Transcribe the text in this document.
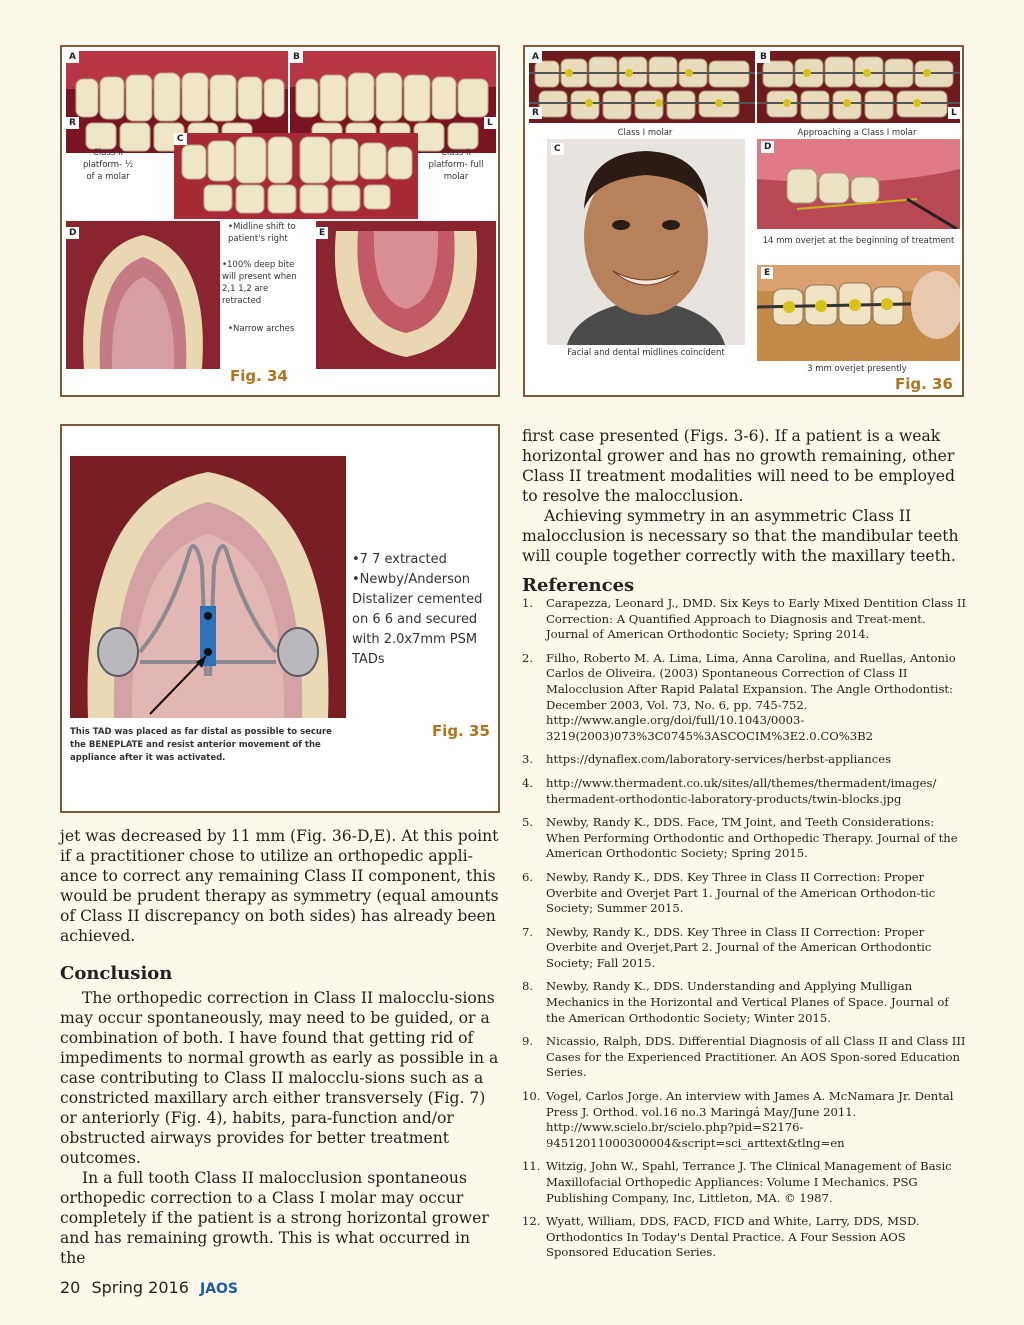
A	B
R	L
Class II platform- ½ of a molar
Class II platform- full molar
C
D
•Midline shift to patient's right
•100% deep bite will present when 2,1 1,2 are retracted
•Narrow arches
E
Fig. 34
A	B
R	L
Class I molar	Approaching a Class I molar
C	D
14 mm overjet at the beginning of treatment
E
Facial and dental midlines coincident
3 mm overjet presently
Fig. 36
•7 7 extracted
•Newby/Anderson Distalizer cemented on 6 6 and secured with 2.0x7mm PSM TADs
This TAD was placed as far distal as possible to secure the BENEPLATE and resist anterior movement of the appliance after it was activated.
Fig. 35

jet was decreased by 11 mm (Fig. 36-D,E). At this point if a practitioner chose to utilize an orthopedic appli-ance to correct any remaining Class II component, this would be prudent therapy as symmetry (equal amounts of Class II discrepancy on both sides) has already been achieved.

Conclusion

The orthopedic correction in Class II malocclu-sions may occur spontaneously, may need to be guided, or a combination of both. I have found that getting rid of impediments to normal growth as early as possible in a case contributing to Class II malocclu-sions such as a constricted maxillary arch either transversely (Fig. 7) or anteriorly (Fig. 4), habits, para-function and/or obstructed airways provides for better treatment outcomes.

In a full tooth Class II malocclusion spontaneous orthopedic correction to a Class I molar may occur completely if the patient is a strong horizontal grower and has remaining growth. This is what occurred in the

first case presented (Figs. 3-6). If a patient is a weak horizontal grower and has no growth remaining, other Class II treatment modalities will need to be employed to resolve the malocclusion.

Achieving symmetry in an asymmetric Class II malocclusion is necessary so that the mandibular teeth will couple together correctly with the maxillary teeth.

References
1. Carapezza, Leonard J., DMD. Six Keys to Early Mixed Dentition Class II Correction: A Quantified Approach to Diagnosis and Treat-ment. Journal of American Orthodontic Society; Spring 2014.
2. Filho, Roberto M. A. Lima, Lima, Anna Carolina, and Ruellas, Antonio Carlos de Oliveira. (2003) Spontaneous Correction of Class II Malocclusion After Rapid Palatal Expansion. The Angle Orthodontist: December 2003, Vol. 73, No. 6, pp. 745-752. http://www.angle.org/doi/full/10.1043/0003-3219(2003)073%3C0745%3ASCOCIM%3E2.0.CO%3B2
3. https://dynaflex.com/laboratory-services/herbst-appliances
4. http://www.thermadent.co.uk/sites/all/themes/thermadent/images/ thermadent-orthodontic-laboratory-products/twin-blocks.jpg
5. Newby, Randy K., DDS. Face, TM Joint, and Teeth Considerations: When Performing Orthodontic and Orthopedic Therapy. Journal of the American Orthodontic Society; Spring 2015.
6. Newby, Randy K., DDS. Key Three in Class II Correction: Proper Overbite and Overjet Part 1. Journal of the American Orthodon-tic Society; Summer 2015.
7. Newby, Randy K., DDS. Key Three in Class II Correction: Proper Overbite and Overjet,Part 2. Journal of the American Orthodontic Society; Fall 2015.
8. Newby, Randy K., DDS. Understanding and Applying Mulligan Mechanics in the Horizontal and Vertical Planes of Space. Journal of the American Orthodontic Society; Winter 2015.
9. Nicassio, Ralph, DDS. Differential Diagnosis of all Class II and Class III Cases for the Experienced Practitioner. An AOS Spon-sored Education Series.
10. Vogel, Carlos Jorge. An interview with James A. McNamara Jr. Dental Press J. Orthod. vol.16 no.3 Maringá May/June 2011. http://www.scielo.br/scielo.php?pid=S2176-94512011000300004&script=sci_arttext&tlng=en
11. Witzig, John W., Spahl, Terrance J. The Clinical Management of Basic Maxillofacial Orthopedic Appliances: Volume I Mechanics. PSG Publishing Company, Inc, Littleton, MA. © 1987.
12. Wyatt, William, DDS, FACD, FICD and White, Larry, DDS, MSD. Orthodontics In Today's Dental Practice. A Four Session AOS Sponsored Education Series.
20 Spring 2016 JAOS
